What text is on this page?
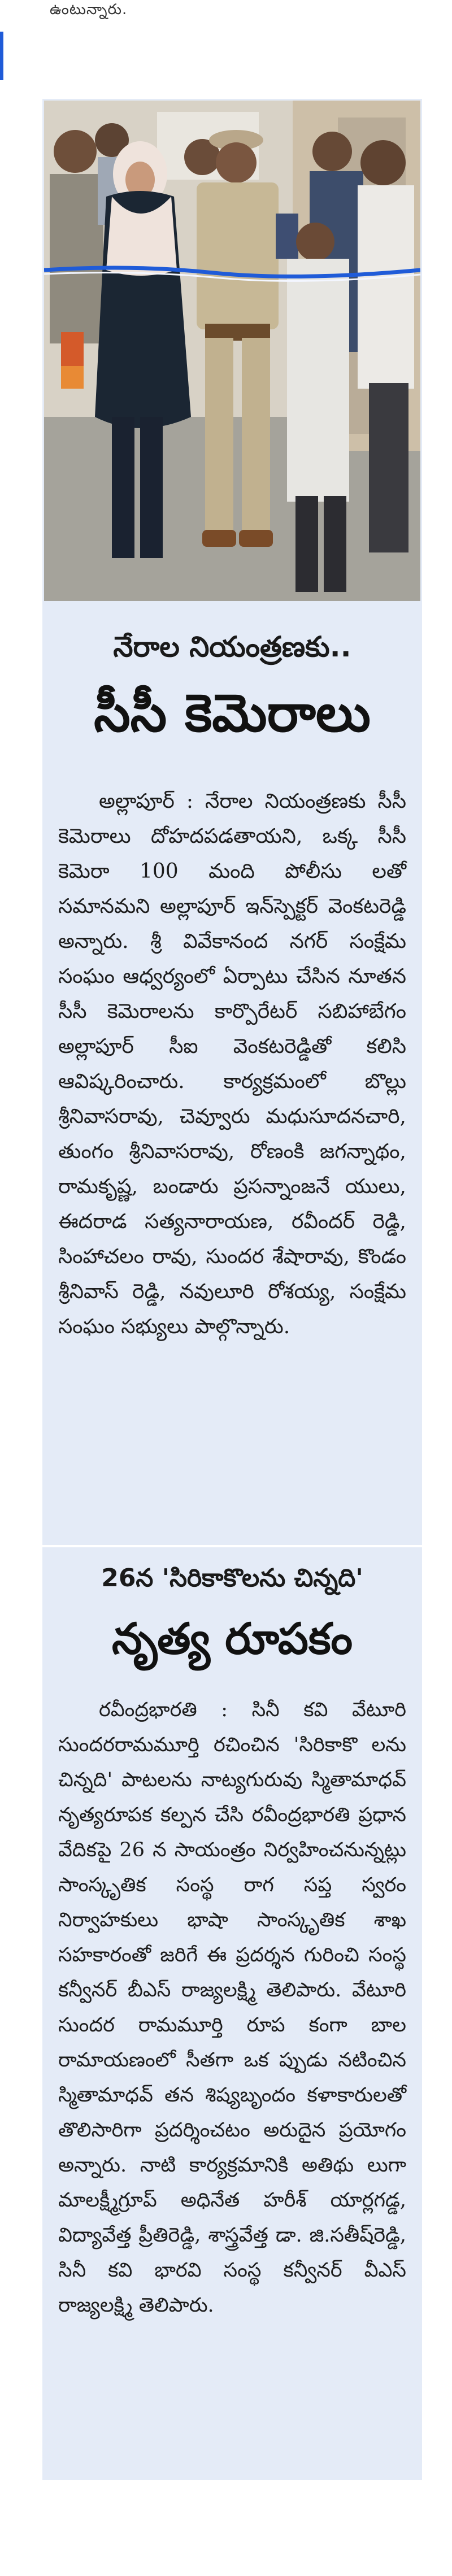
ఉంటున్నారు.
నేరాల నియంత్రణకు..
సీసీ కెమెరాలు

అల్లాపూర్ : నేరాల నియంత్రణకు సీసీ కెమెరాలు దోహదపడతాయని, ఒక్క సీసీ కెమెరా 100 మంది పోలీసు లతో సమానమని అల్లాపూర్ ఇన్‌స్పెక్టర్ వెంకటరెడ్డి అన్నారు. శ్రీ వివేకానంద నగర్ సంక్షేమ సంఘం ఆధ్వర్యంలో ఏర్పాటు చేసిన నూతన సీసీ కెమెరాలను కార్పొరేటర్ సబిహాబేగం అల్లాపూర్ సీఐ వెంకటరెడ్డితో కలిసి ఆవిష్కరించారు. కార్యక్రమంలో బొల్లు శ్రీనివాసరావు, చెవ్వూరు మధుసూదనచారి, తుంగం శ్రీనివాసరావు, రోణంకి జగన్నాథం, రామకృష్ణ, బండారు ప్రసన్నాంజనే యులు, ఈదరాడ సత్యనారాయణ, రవీందర్ రెడ్డి, సింహాచలం రావు, సుందర శేషారావు, కొండం శ్రీనివాస్ రెడ్డి, నవులూరి రోశయ్య, సంక్షేమ సంఘం సభ్యులు పాల్గొన్నారు.

26న 'సిరికాకొలను చిన్నది'
నృత్య రూపకం

రవీంద్రభారతి : సినీ కవి వేటూరి సుందరరామమూర్తి రచించిన 'సిరికాకొ లను చిన్నది' పాటలను నాట్యగురువు స్మితామాధవ్ నృత్యరూపక కల్పన చేసి రవీంద్రభారతి ప్రధాన వేదికపై 26 న సాయంత్రం నిర్వహించనున్నట్లు సాంస్కృతిక సంస్థ రాగ సప్త స్వరం నిర్వాహకులు భాషా సాంస్కృతిక శాఖ సహకారంతో జరిగే ఈ ప్రదర్శన గురించి సంస్థ కన్వీనర్ బీఎస్ రాజ్యలక్ష్మి తెలిపారు. వేటూరి సుందర రామమూర్తి రూప కంగా బాల రామాయణంలో సీతగా ఒక ప్పుడు నటించిన స్మితామాధవ్ తన శిష్యబృందం కళాకారులతో తొలిసారిగా ప్రదర్శించటం అరుదైన ప్రయోగం అన్నారు. నాటి కార్యక్రమానికి అతిథు లుగా మాలక్ష్మీగ్రూప్ అధినేత హరీశ్ యార్లగడ్డ, విద్యావేత్త ప్రీతిరెడ్డి, శాస్త్రవేత్త డా. జి.సతీష్‌రెడ్డి, సినీ కవి భారవి సంస్థ కన్వీనర్ వీఎస్ రాజ్యలక్ష్మి తెలిపారు.
